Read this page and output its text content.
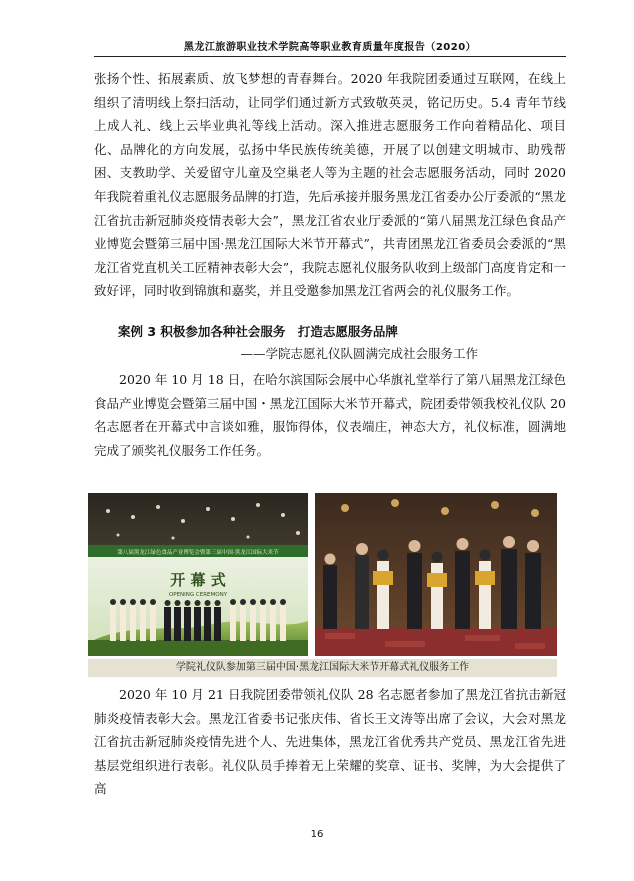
黑龙江旅游职业技术学院高等职业教育质量年度报告（2020）

张扬个性、拓展素质、放飞梦想的青春舞台。2020 年我院团委通过互联网，在线上组织了清明线上祭扫活动，让同学们通过新方式致敬英灵，铭记历史。5.4 青年节线上成人礼、线上云毕业典礼等线上活动。深入推进志愿服务工作向着精品化、项目化、品牌化的方向发展，弘扬中华民族传统美德，开展了以创建文明城市、助残帮困、支教助学、关爱留守儿童及空巢老人等为主题的社会志愿服务活动，同时 2020 年我院着重礼仪志愿服务品牌的打造，先后承接并服务黑龙江省委办公厅委派的“黑龙江省抗击新冠肺炎疫情表彰大会”，黑龙江省农业厅委派的“第八届黑龙江绿色食品产业博览会暨第三届中国·黑龙江国际大米节开幕式”，共青团黑龙江省委员会委派的“黑龙江省党直机关工匠精神表彰大会”，我院志愿礼仪服务队收到上级部门高度肯定和一致好评，同时收到锦旗和嘉奖，并且受邀参加黑龙江省两会的礼仪服务工作。

案例 3 积极参加各种社会服务　打造志愿服务品牌
——学院志愿礼仪队圆满完成社会服务工作

2020 年 10 月 18 日，在哈尔滨国际会展中心华旗礼堂举行了第八届黑龙江绿色食品产业博览会暨第三届中国・黑龙江国际大米节开幕式，院团委带领我校礼仪队 20 名志愿者在开幕式中言谈如雅，服饰得体，仪表端庄，神态大方，礼仪标准，圆满地完成了颁奖礼仪服务工作任务。

第八届黑龙江绿色食品产业博览会暨第三届中国·黑龙江国际大米节
开 幕 式
OPENING CEREMONY
学院礼仪队参加第三届中国·黑龙江国际大米节开幕式礼仪服务工作

2020 年 10 月 21 日我院团委带领礼仪队 28 名志愿者参加了黑龙江省抗击新冠肺炎疫情表彰大会。黑龙江省委书记张庆伟、省长王文涛等出席了会议，大会对黑龙江省抗击新冠肺炎疫情先进个人、先进集体，黑龙江省优秀共产党员、黑龙江省先进基层党组织进行表彰。礼仪队员手捧着无上荣耀的奖章、证书、奖牌，为大会提供了高

16
